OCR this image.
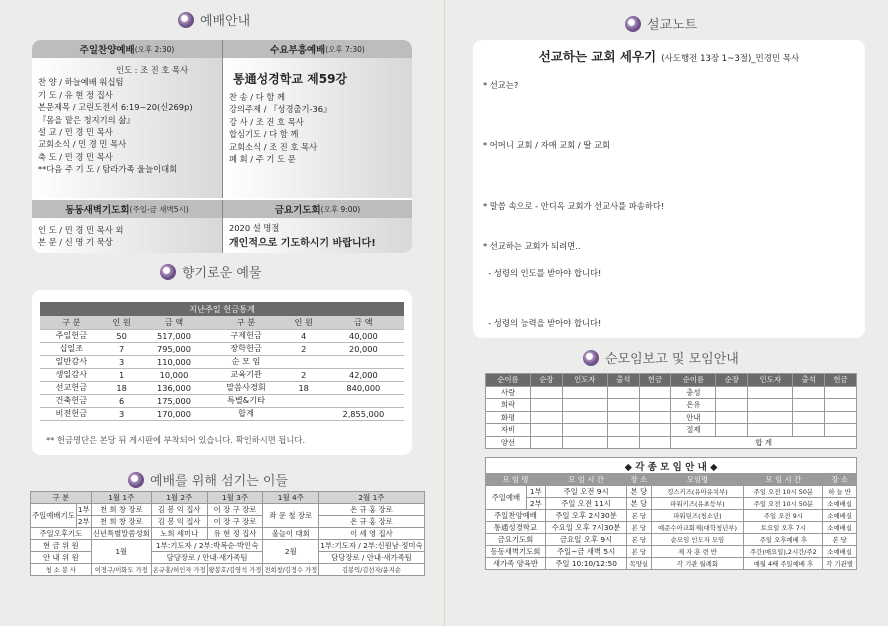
예배안내
주일찬양예배 (오후 2:30)	수요부흥예배 (오후 7:30)
인도 : 조 진 호 목사
찬 양 / 하늘예배 워십팀
기 도 / 유 현 정 집사
본문제목 / 고린도전서 6:19~20(신269p)
『몸을 맡은 청지기의 삶』
설 교 / 민 경 민 목사
교회소식 / 민 경 민 목사
축 도 / 민 경 민 목사
**다음 주 기 도 / 탐라가족 울늘이대회
통通성경학교 제59강
찬 송 / 다 함 께
강의주제 / 『성경출기-36』
강 사 / 조 진 호 목사
합심기도 / 다 함 께
교회소식 / 조 진 호 목사
폐 회 / 주 기 도 문
동동새벽기도회 (주일-금 새벽5시)	금요기도회 (오후 9:00)
인 도 / 민 경 민 목사 외
본 문 / 신 명 기 묵상
2020 설 명절
개인적으로 기도하시기 바랍니다!
향기로운 예물
지난주일 헌금통계					
구 분	인 원	금 액	구 분	인 원	금 액
주일헌금	50	517,000	구제헌금	4	40,000
십일조	7	795,000	장학헌금	2	20,000
일반감사	3	110,000	순 모 임		
생일감사	1	10,000	교육기관	2	42,000
선교헌금	18	136,000	말씀사경회	18	840,000
건축헌금	6	175,000	특별&기타		
비전헌금	3	170,000	합계		2,855,000
** 헌금명단은 본당 뒤 게시판에 부착되어 있습니다. 확인하시면 됩니다.
예배를 위해 섬기는 이들
구 분		1월 1주	1월 2주	1월 3주	1월 4주	2월 1주
주일예배기도	1부	천 희 창 장로	김 봉 익 집사	이 장 구 장로	좌 문 철 장로	온 규 홍 장로
	2부	천 희 창 장로	김 봉 익 집사	이 장 구 장로		온 규 홍 장로
주일오후기도		신년특별말씀성회	노희 세미나	유 현 정 집사	울늘이 대회	이 세 영 집사
현 금 위 원		1월	1부:기도자 / 2부:박복순·박인숙		2월	1부:기도자 / 2부:신원남·정미숙
안 내 위 원			담당장로 / 안내·새가족팀			담당장로 / 안내·새가족팀
청 소 봉 사		이정구/이화도 가정	온규홍/허인자 가정	왕봉호/김영석 가정	전희창/김정수 가정	김봉익/김선자/윤지순
설교노트
선교하는 교회 세우기 (사도행전 13장 1~3절)_민경민 목사
* 선교는?
* 어머니 교회 / 자매 교회 / 딸 교회
* 말씀 속으로 - 안디옥 교회가 선교사를 파송하다!
* 선교하는 교회가 되려면..
- 성령의 인도를 받아야 합니다!
- 성령의 능력을 받아야 합니다!
순모임보고 및 모임안내
순이름	순장	인도자	출석	헌금	순이름	순장	인도자	출석	헌금
사랑					충성				
희락					온유				
화평					안내				
자비					절제				
양선					합 계				
◆ 각 종 모 임 안 내 ◆						
모 임 명		모 임 시 간	장 소	모임명	모 임 시 간	장 소
주일예배	1부	주일 오전 9시	본 당	킹스키즈(유아유치부)	주일 오전 10시 50분	하 늘 반
	2부	주일 오전 11시	본 당	파워키즈(유초등부)	주일 오전 10시 50분	소예배실
주일찬양예배		주일 오후 2시30분	본 당	파워틴즈(청소년)	주일 오전 9시	소예배실
통通성경학교		수요일 오후 7시30분	본 당	예준수아교회제(대학청년부)	토요일 오후 7시	소예배실
금요기도회		금요일 오후 9시	본 당	순모임 인도자 모임	주일 오후예배 후	본 당
동동새벽기도회		주일~금 새벽 5시	본 당	제 자 훈 련 반	주간(매요일),2시간/주2	소예배실
새가족 양육반		주일 10:10/12:50	목양실	각 기관 월례회	매월 4째 주일예배 후	각 기관별
